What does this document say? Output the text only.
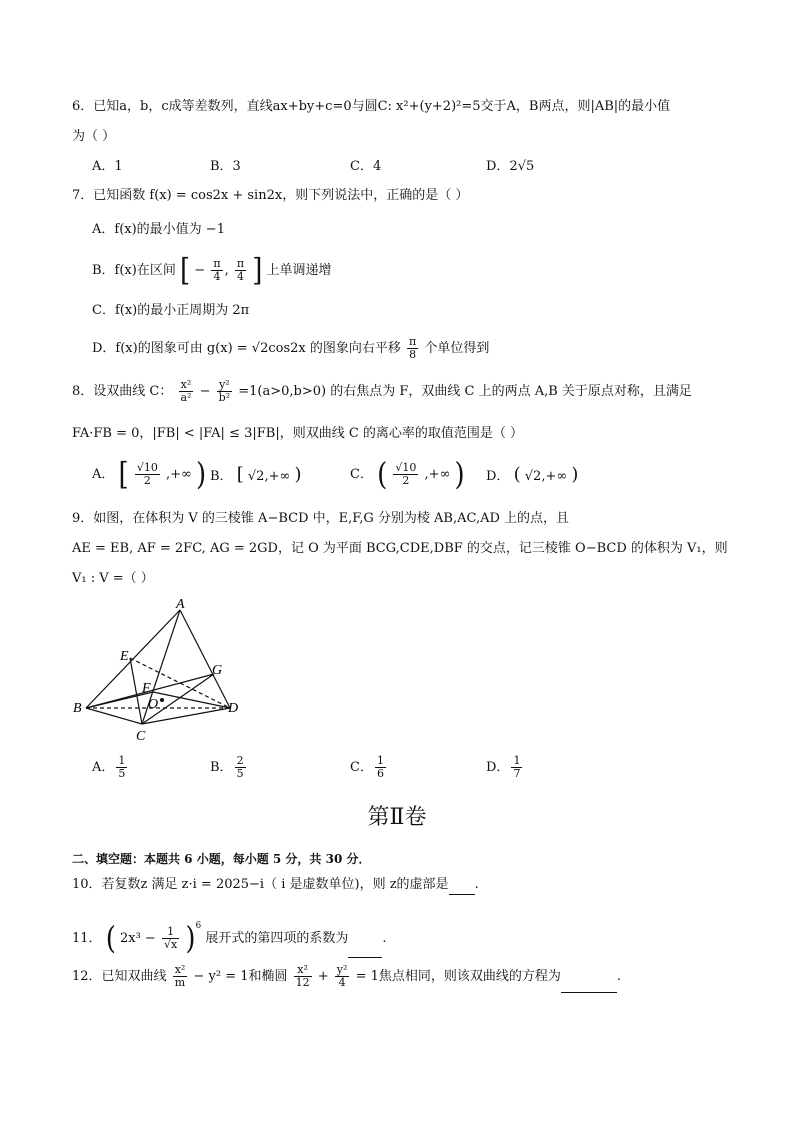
6．已知a，b，c成等差数列，直线ax+by+c=0与圆C: x²+(y+2)²=5交于A，B两点，则|AB|的最小值
为（ ）
A．1	B．3	C．4	D．2√5
7．已知函数 f(x) = cos2x + sin2x，则下列说法中，正确的是（ ）
A．f(x)的最小值为 −1
B．f(x)在区间 [ − $\frac{\pi}{4}$ , $\frac{\pi}{4}$ ] 上单调递增
C．f(x)的最小正周期为 2π
D．f(x)的图象可由 g(x) = √2cos2x 的图象向右平移 $\frac{\pi}{8}$ 个单位得到
8．设双曲线 C： $\frac{\text{x²}}{\text{a²}} - \frac{\text{y²}}{\text{b²}} =1(a>0,b>0)$ 的右焦点为 F，双曲线 C 上的两点 A,B 关于原点对称，且满足
FA·FB = 0，|FB| < |FA| ≤ 3|FB|，则双曲线 C 的离心率的取值范围是（ ）
A． [ $\frac{√10}{2}$ ,+∞ ) B． [ √2,+∞ )	C． ( $\frac{√10}{2}$ ,+∞ ) D． ( √2,+∞ )
9．如图，在体积为 V 的三棱锥 A−BCD 中，E,F,G 分别为棱 AB,AC,AD 上的点，且
AE = EB, AF = 2FC, AG = 2GD，记 O 为平面 BCG,CDE,DBF 的交点，记三棱锥 O−BCD 的体积为 V₁，则
V₁ : V =（ ）
A
E
G
F
O
B
C
D
A． $\frac{1}{5}$	B． $\frac{2}{5}$	C． $\frac{1}{6}$	D． $\frac{1}{7}$
第Ⅱ卷
二、填空题：本题共 6 小题，每小题 5 分，共 30 分．
10．若复数z 满足 z·i = 2025−i（ i 是虚数单位)，则 z的虚部是 .
11． ( $2x^3 - \frac{1}{√x} )^6$ 展开式的第四项的系数为	.
12．已知双曲线 $\frac{\text{x²}}{m} - y^2 = 1$和椭圆 $\frac{\text{x²}}{12} + \frac{\text{y²}}{4} = 1$焦点相同，则该双曲线的方程为	.
